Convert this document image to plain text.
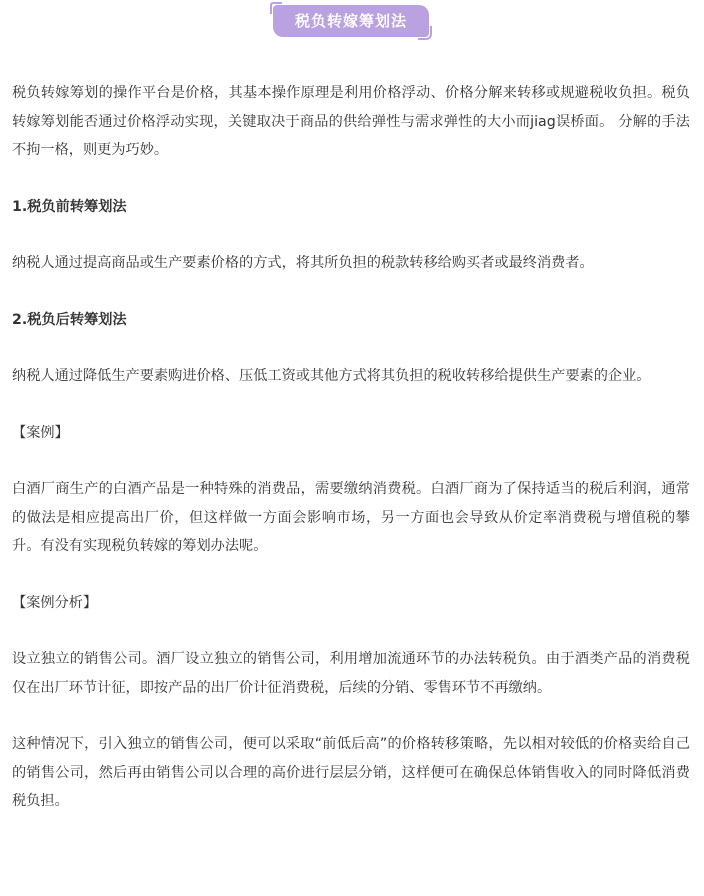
税负转嫁筹划法

税负转嫁筹划的操作平台是价格，其基本操作原理是利用价格浮动、价格分解来转移或规避税收负担。税负转嫁筹划能否通过价格浮动实现，关键取决于商品的供给弹性与需求弹性的大小而jiag误桥面。 分解的手法不拘一格，则更为巧妙。

1.税负前转筹划法

纳税人通过提高商品或生产要素价格的方式，将其所负担的税款转移给购买者或最终消费者。

2.税负后转筹划法

纳税人通过降低生产要素购进价格、压低工资或其他方式将其负担的税收转移给提供生产要素的企业。

【案例】

白酒厂商生产的白酒产品是一种特殊的消费品，需要缴纳消费税。白酒厂商为了保持适当的税后利润，通常的做法是相应提高出厂价，但这样做一方面会影响市场，另一方面也会导致从价定率消费税与增值税的攀升。有没有实现税负转嫁的筹划办法呢。

【案例分析】

设立独立的销售公司。酒厂设立独立的销售公司，利用增加流通环节的办法转税负。由于酒类产品的消费税仅在出厂环节计征，即按产品的出厂价计征消费税，后续的分销、零售环节不再缴纳。

这种情况下，引入独立的销售公司，便可以采取“前低后高”的价格转移策略，先以相对较低的价格卖给自己的销售公司，然后再由销售公司以合理的高价进行层层分销，这样便可在确保总体销售收入的同时降低消费税负担。
